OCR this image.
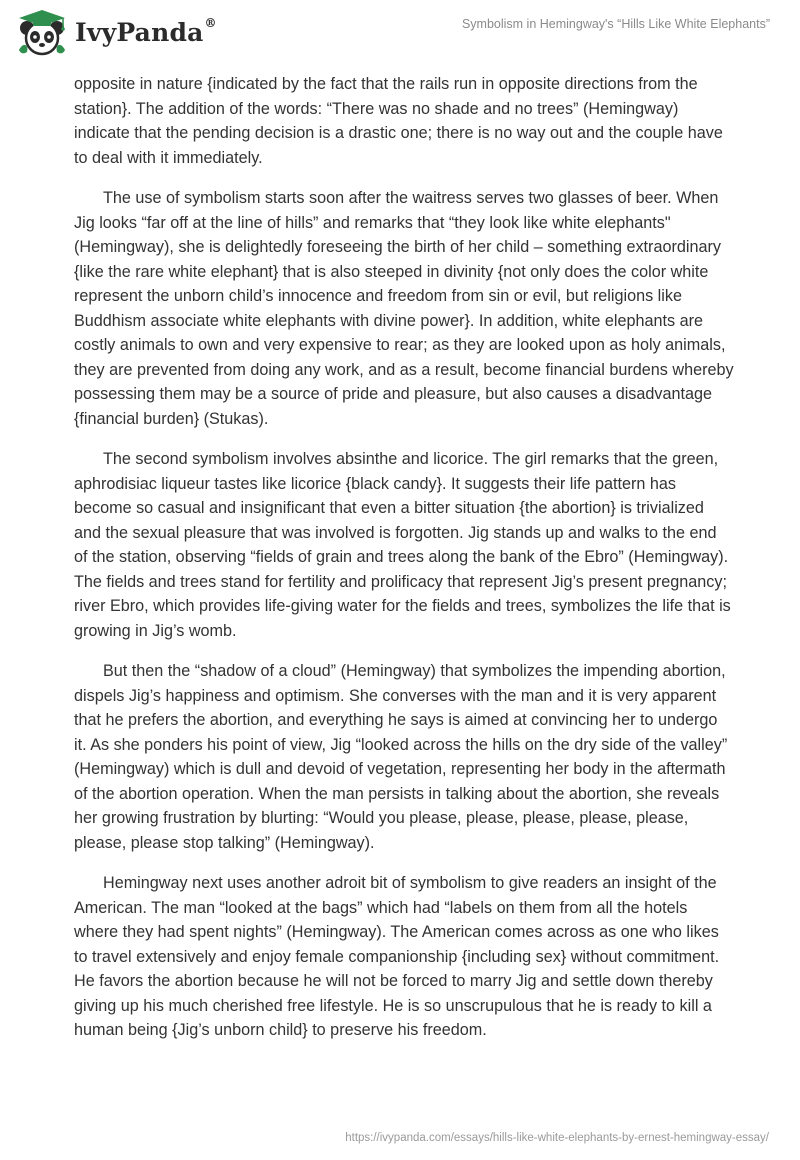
IvyPanda®	Symbolism in Hemingway's “Hills Like White Elephants”

opposite in nature {indicated by the fact that the rails run in opposite directions from the station}. The addition of the words: “There was no shade and no trees” (Hemingway) indicate that the pending decision is a drastic one; there is no way out and the couple have to deal with it immediately.

The use of symbolism starts soon after the waitress serves two glasses of beer. When Jig looks “far off at the line of hills” and remarks that “they look like white elephants" (Hemingway), she is delightedly foreseeing the birth of her child – something extraordinary {like the rare white elephant} that is also steeped in divinity {not only does the color white represent the unborn child’s innocence and freedom from sin or evil, but religions like Buddhism associate white elephants with divine power}. In addition, white elephants are costly animals to own and very expensive to rear; as they are looked upon as holy animals, they are prevented from doing any work, and as a result, become financial burdens whereby possessing them may be a source of pride and pleasure, but also causes a disadvantage {financial burden} (Stukas).

The second symbolism involves absinthe and licorice. The girl remarks that the green, aphrodisiac liqueur tastes like licorice {black candy}. It suggests their life pattern has become so casual and insignificant that even a bitter situation {the abortion} is trivialized and the sexual pleasure that was involved is forgotten. Jig stands up and walks to the end of the station, observing “fields of grain and trees along the bank of the Ebro” (Hemingway). The fields and trees stand for fertility and prolificacy that represent Jig’s present pregnancy; river Ebro, which provides life-giving water for the fields and trees, symbolizes the life that is growing in Jig’s womb.

But then the “shadow of a cloud” (Hemingway) that symbolizes the impending abortion, dispels Jig’s happiness and optimism. She converses with the man and it is very apparent that he prefers the abortion, and everything he says is aimed at convincing her to undergo it. As she ponders his point of view, Jig “looked across the hills on the dry side of the valley” (Hemingway) which is dull and devoid of vegetation, representing her body in the aftermath of the abortion operation. When the man persists in talking about the abortion, she reveals her growing frustration by blurting: “Would you please, please, please, please, please, please, please stop talking” (Hemingway).

Hemingway next uses another adroit bit of symbolism to give readers an insight of the American. The man “looked at the bags” which had “labels on them from all the hotels where they had spent nights” (Hemingway). The American comes across as one who likes to travel extensively and enjoy female companionship {including sex} without commitment. He favors the abortion because he will not be forced to marry Jig and settle down thereby giving up his much cherished free lifestyle. He is so unscrupulous that he is ready to kill a human being {Jig’s unborn child} to preserve his freedom.

https://ivypanda.com/essays/hills-like-white-elephants-by-ernest-hemingway-essay/
